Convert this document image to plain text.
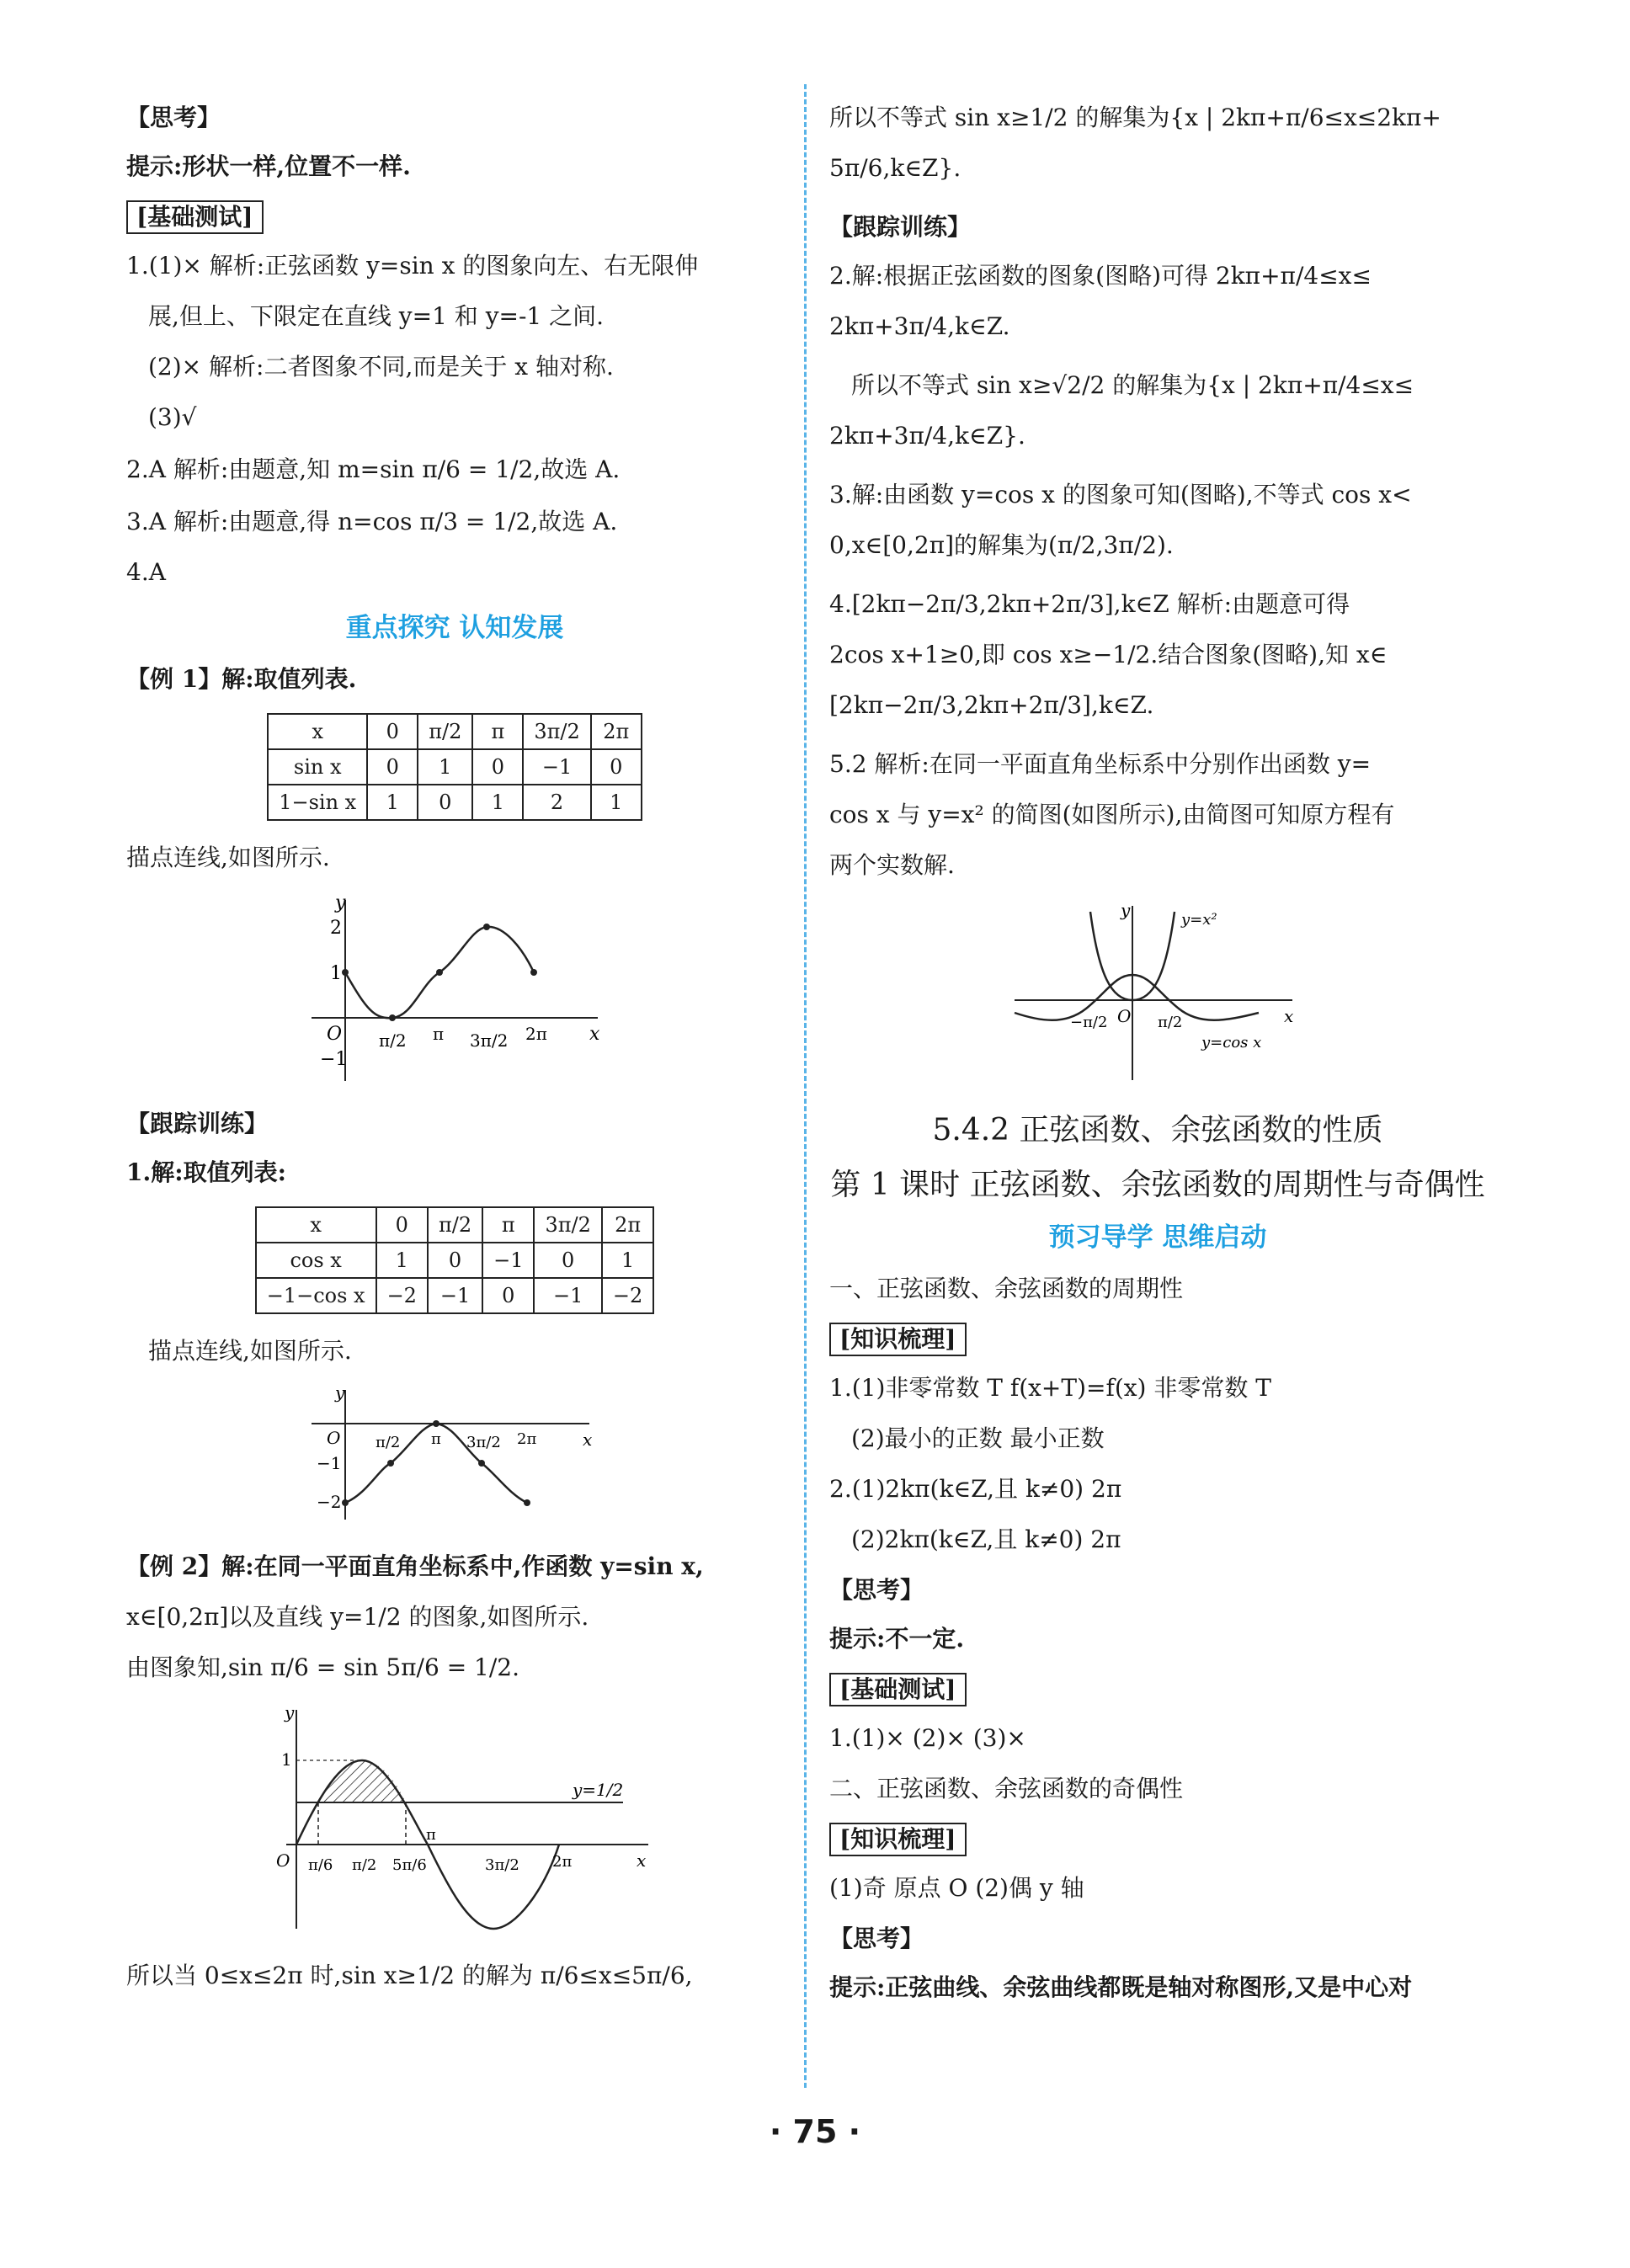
【思考】
提示:形状一样,位置不一样.
[基础测试]
1.(1)× 解析:正弦函数 y=sin x 的图象向左、右无限伸
展,但上、下限定在直线 y=1 和 y=-1 之间.
(2)× 解析:二者图象不同,而是关于 x 轴对称.
(3)√
2.A 解析:由题意,知 m=sin π/6 = 1/2,故选 A.
3.A 解析:由题意,得 n=cos π/3 = 1/2,故选 A.
4.A
重点探究 认知发展
【例 1】解:取值列表.
x	0	π/2	π	3π/2	2π
sin x	0	1	0	−1	0
1−sin x	1	0	1	2	1
描点连线,如图所示.
y
x
O
2
1
−1
π/2 π 3π/2 2π
【跟踪训练】
1.解:取值列表:
x	0	π/2	π	3π/2	2π
cos x	1	0	−1	0	1
−1−cos x	−2	−1	0	−1	−2
描点连线,如图所示.
y
x
O
−1
−2
π/2 π 3π/2 2π
【例 2】解:在同一平面直角坐标系中,作函数 y=sin x,
x∈[0,2π]以及直线 y=1/2 的图象,如图所示.
由图象知,sin π/6 = sin 5π/6 = 1/2.
y
x
O
1
y=1/2
π/6 π/2 5π/6
π
3π/2 2π
所以当 0≤x≤2π 时,sin x≥1/2 的解为 π/6≤x≤5π/6,
所以不等式 sin x≥1/2 的解集为{x | 2kπ+π/6≤x≤2kπ+
5π/6,k∈Z}.
【跟踪训练】
2.解:根据正弦函数的图象(图略)可得 2kπ+π/4≤x≤
2kπ+3π/4,k∈Z.
所以不等式 sin x≥√2/2 的解集为{x | 2kπ+π/4≤x≤
2kπ+3π/4,k∈Z}.
3.解:由函数 y=cos x 的图象可知(图略),不等式 cos x<
0,x∈[0,2π]的解集为(π/2,3π/2).
4.[2kπ−2π/3,2kπ+2π/3],k∈Z 解析:由题意可得
2cos x+1≥0,即 cos x≥−1/2.结合图象(图略),知 x∈
[2kπ−2π/3,2kπ+2π/3],k∈Z.
5.2 解析:在同一平面直角坐标系中分别作出函数 y=
cos x 与 y=x² 的简图(如图所示),由简图可知原方程有
两个实数解.
y
x
O
y=x²
y=cos x
−π/2	π/2
5.4.2 正弦函数、余弦函数的性质
第 1 课时 正弦函数、余弦函数的周期性与奇偶性
预习导学 思维启动
一、正弦函数、余弦函数的周期性
[知识梳理]
1.(1)非零常数 T f(x+T)=f(x) 非零常数 T
(2)最小的正数 最小正数
2.(1)2kπ(k∈Z,且 k≠0) 2π
(2)2kπ(k∈Z,且 k≠0) 2π
【思考】
提示:不一定.
[基础测试]
1.(1)× (2)× (3)×
二、正弦函数、余弦函数的奇偶性
[知识梳理]
(1)奇 原点 O (2)偶 y 轴
【思考】
提示:正弦曲线、余弦曲线都既是轴对称图形,又是中心对
· 75 ·
